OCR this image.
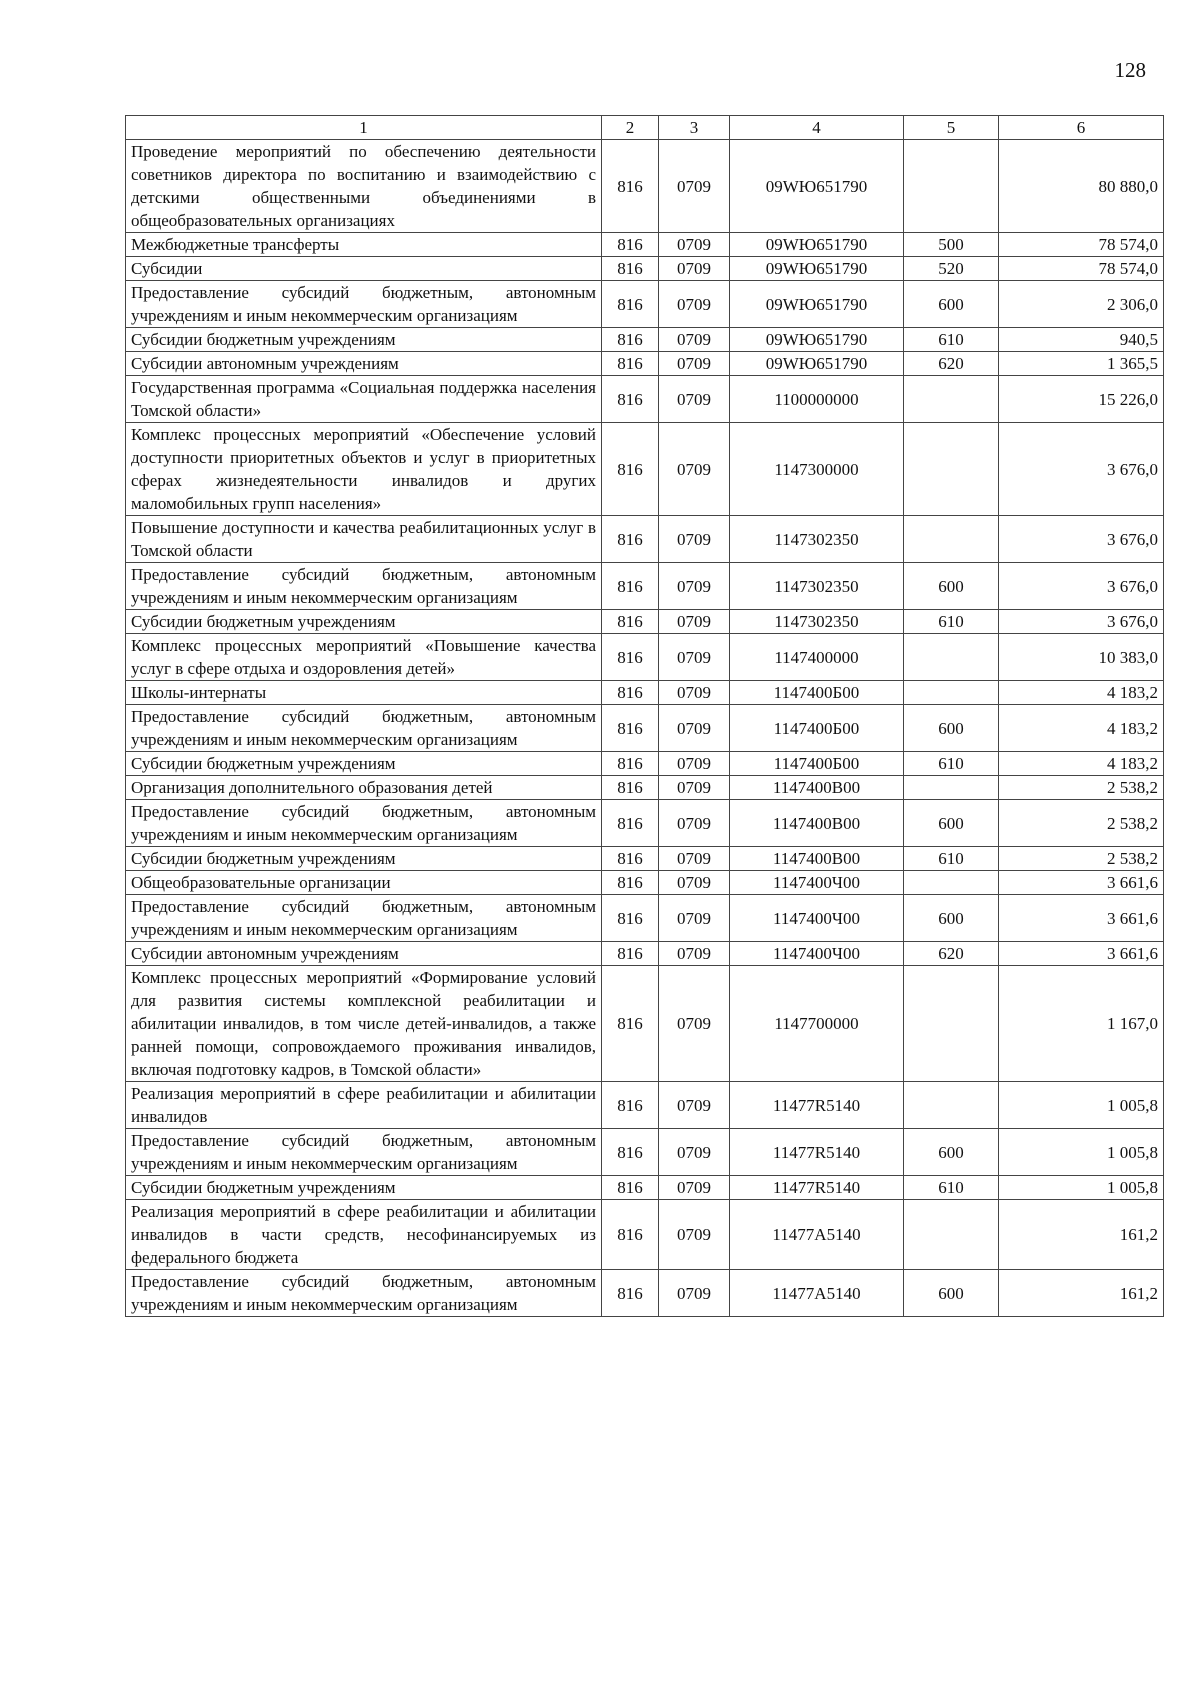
128
1	2	3	4	5	6
Проведение мероприятий по обеспечению деятельности советников директора по воспитанию и взаимодействию с детскими общественными объединениями в общеобразовательных организациях	816	0709	09WЮ651790		80 880,0
Межбюджетные трансферты	816	0709	09WЮ651790	500	78 574,0
Субсидии	816	0709	09WЮ651790	520	78 574,0
Предоставление субсидий бюджетным, автономным учреждениям и иным некоммерческим организациям	816	0709	09WЮ651790	600	2 306,0
Субсидии бюджетным учреждениям	816	0709	09WЮ651790	610	940,5
Субсидии автономным учреждениям	816	0709	09WЮ651790	620	1 365,5
Государственная программа «Социальная поддержка населения Томской области»	816	0709	1100000000		15 226,0
Комплекс процессных мероприятий «Обеспечение условий доступности приоритетных объектов и услуг в приоритетных сферах жизнедеятельности инвалидов и других маломобильных групп населения»	816	0709	1147300000		3 676,0
Повышение доступности и качества реабилитационных услуг в Томской области	816	0709	1147302350		3 676,0
Предоставление субсидий бюджетным, автономным учреждениям и иным некоммерческим организациям	816	0709	1147302350	600	3 676,0
Субсидии бюджетным учреждениям	816	0709	1147302350	610	3 676,0
Комплекс процессных мероприятий «Повышение качества услуг в сфере отдыха и оздоровления детей»	816	0709	1147400000		10 383,0
Школы-интернаты	816	0709	1147400Б00		4 183,2
Предоставление субсидий бюджетным, автономным учреждениям и иным некоммерческим организациям	816	0709	1147400Б00	600	4 183,2
Субсидии бюджетным учреждениям	816	0709	1147400Б00	610	4 183,2
Организация дополнительного образования детей	816	0709	1147400В00		2 538,2
Предоставление субсидий бюджетным, автономным учреждениям и иным некоммерческим организациям	816	0709	1147400В00	600	2 538,2
Субсидии бюджетным учреждениям	816	0709	1147400В00	610	2 538,2
Общеобразовательные организации	816	0709	1147400Ч00		3 661,6
Предоставление субсидий бюджетным, автономным учреждениям и иным некоммерческим организациям	816	0709	1147400Ч00	600	3 661,6
Субсидии автономным учреждениям	816	0709	1147400Ч00	620	3 661,6
Комплекс процессных мероприятий «Формирование условий для развития системы комплексной реабилитации и абилитации инвалидов, в том числе детей-инвалидов, а также ранней помощи, сопровождаемого проживания инвалидов, включая подготовку кадров, в Томской области»	816	0709	1147700000		1 167,0
Реализация мероприятий в сфере реабилитации и абилитации инвалидов	816	0709	11477R5140		1 005,8
Предоставление субсидий бюджетным, автономным учреждениям и иным некоммерческим организациям	816	0709	11477R5140	600	1 005,8
Субсидии бюджетным учреждениям	816	0709	11477R5140	610	1 005,8
Реализация мероприятий в сфере реабилитации и абилитации инвалидов в части средств, несофинансируемых из федерального бюджета	816	0709	11477А5140		161,2
Предоставление субсидий бюджетным, автономным учреждениям и иным некоммерческим организациям	816	0709	11477А5140	600	161,2
